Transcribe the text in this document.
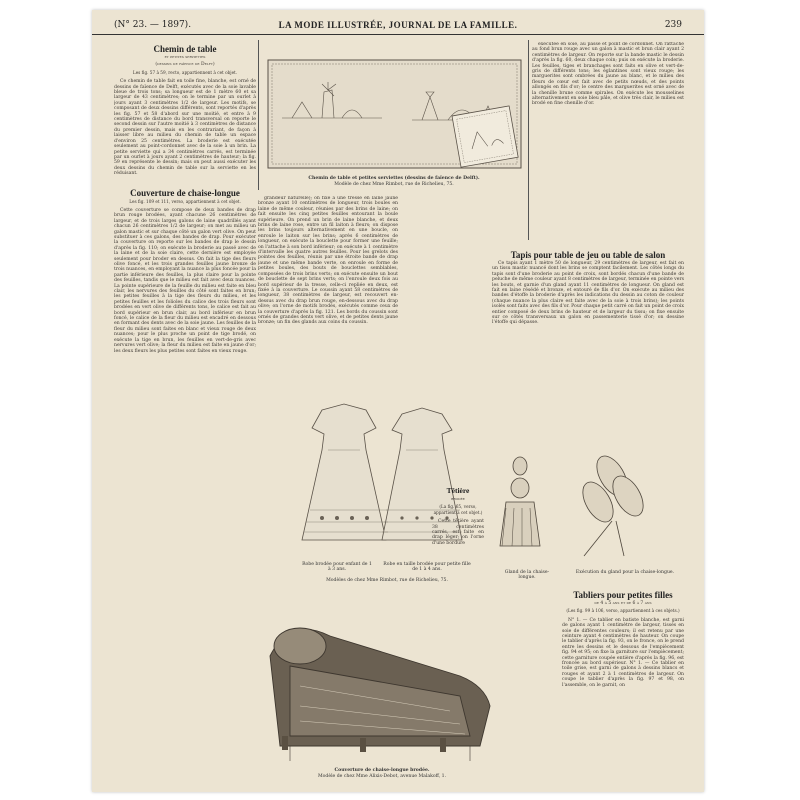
(N° 23. — 1897).	LA MODE ILLUSTRÉE, JOURNAL DE LA FAMILLE.	239
Chemin de table
et petites serviettes
(dessins de faïence de Delft)
Les fig. 57 à 59, recto, appartiennent à cet objet.

Ce chemin de table fait en toile fine, blanche, est orné de dessins de faïence de Delft, exécutés avec de la soie lavable bleue de trois tons; sa longueur est de 1 mètre 60 et sa largeur de 43 centimètres; on le termine par un ourlet à jours ayant 3 centimètres 1/2 de largeur. Les motifs, se composant de deux dessins différents, sont reportés d'après les fig. 57 et 58 d'abord sur une moitié, et entre à 9 centimètres de distance du bord transversal on reporte le second dessin sur l'autre moitié à 3 centimètres de distance du premier dessin, mais en les contrariant, de façon à laisser libre au milieu du chemin de table un espace d'environ 25 centimètres. La broderie est exécutée seulement au point-cordonnet avec de la soie à un brin. La petite serviette qui a 34 centimètres carrés, est terminée par un ourlet à jours ayant 2 centimètres de hauteur; la fig. 59 en représente le dessin; mais on peut aussi exécuter les deux dessins du chemin de table sur la serviette en les réduisant.

Couverture de chaise-longue
Les fig. 109 et 111, verso, appartiennent à cet objet.

Cette couverture se compose de deux bandes de drap brun rouge brodées, ayant chacune 26 centimètres de largeur, et de trois larges galons de laine quadrillés ayant chacun 26 centimètres 1/2 de largeur; on met au milieu un galon mastic et sur chaque côté un galon vert olive. On peut substituer à ces galons, des bandes de drap. Pour exécuter la couverture on reporte sur les bandes de drap le dessin d'après la fig. 110; on exécute la broderie au passé avec de la laine et de la soie claire, cette dernière est employée seulement pour broder en dessus. On fait la tige des fleurs olive foncé, et les trois grandes feuilles jaune bronze de trois nuances, en employant la nuance la plus foncée pour la partie inférieure des feuilles, la plus claire pour la pointe des feuilles, tandis que le milieu est fait avec deux nuances. La pointe supérieure de la feuille du milieu est faite en bleu clair, les nervures des feuilles du côté sont faites en brun; les petites feuilles à la tige des fleurs du milieu, et les petites feuilles et les folioles du calice des trois fleurs sont brodées en vert olive de différents tons, le calice est fait au bord supérieur en brun clair, au bord inférieur en brun foncé, le calice de la fleur du milieu est encadré en dessous en formant des dents avec de la soie jaune. Les feuilles de la fleur du milieu sont faites en blanc et vieux rouge de deux nuances; pour le plus proche un point de tige brodé, on exécute la tige en brun, les feuilles en vert-de-gris avec nervures vert olive; la fleur du milieu est faite en jaune d'or; les deux fleurs les plus petites sont faites en vieux rouge.

Chemin de table et petites serviettes (dessins de faïence de Delft).
Modèle de chez Mme Rimbot, rue de Richelieu, 75.

grandeur naturelle); on fixe à une tresse en laine jaune bronze ayant 10 centimètres de longueur, trois boules en laine de même couleur, réunies par des brins de laine; on fait ensuite les cinq petites feuilles entourant la boule supérieure. On prend un brin de laine blanche, et deux brins de laine rose, entre un fil laiton à fleurs; on dispose les brins toujours alternativement en une boucle, on enroule le laiton sur les brins; après 6 centimètres de longueur, on exécute la bouclette pour former une feuille; on l'attache à son bord inférieur; on exécute à 1 centimètre d'intervalle les quatre autres feuilles. Pour les grelots des pointes des feuilles, réunis par une étroite bande de drap jaune et une même bande verte, on enroule en forme de petites boules, des bouts de bouclettes semblables, composées de trois brins verts; on exécute ensuite un bout de bouclette de sept brins verts; on l'enroule deux fois au bord supérieur de la tresse, celle-ci repliée en deux, est fixée à la couverture. Le coussin ayant 58 centimètres de longueur, 38 centimètres de largeur, est recouvert en-dessus avec du drap brun rouge, en-dessous avec du drap olive; on l'orne de motifs brodés, exécutés comme ceux de la couverture d'après la fig. 121. Les bords du coussin sont ornés de grandes dents vert olive, et de petites dents jaune bronze; un fin des glands aux coins du coussin.

exécutée en soie, au passé et point de cordonnet. On rattache au fond brun rouge avec un galon à mastic et brun clair ayant 2 centimètres de largeur. On reporte sur la bande mastic le dessin d'après la fig. 60, deux chaque coin; puis on exécute la broderie. Les feuilles, tiges et branchages sont faits en olive et vert-de-gris de différents tons; les églantines sont vieux rouge; les marguerites sont ombrées du jaune au blanc, et le milieu des fleurs de cœur est fait avec de petits nœuds, et des points allongés en fils d'or; le centre des marguerites est orné avec de la chenille brune comme spirales. On exécute les mousselines alternativement en soie bleu pâle, et olive très clair, le milieu est brodé en fine chenille d'or.

Tapis pour table de jeu ou table de salon

Ce tapis ayant 1 mètre 50 de longueur, 29 centimètres de largeur, est fait en un tissu mastic nuancé dont les brins se comptent facilement. Les côtés longs du tapis sont d'une broderie au point de croix, sont bordés chacun d'une bande de peluche de même couleur ayant 8 centimètres de largeur, terminée en pointe vers les bouts, et garnie d'un gland ayant 11 centimètres de longueur. On gland est fait en laine résédé et bronze, et entouré de fils d'or. On exécute au milieu des bandes d'étoffe la broderie d'après les indications du dessin au coton de couleur (chaque nuance la plus claire est faite avec de la soie à trois brins); les points isolés sont faits avec des fils d'or. Pour chaque petit carré on fait un point de croix entier composé de deux brins de hauteur et de largeur du tissu; on fixe ensuite sur ce côtés transversaux un galon en passementerie tissé d'or; on dessine l'étoffe qui dépasse.

Robe brodée pour enfant de 1 à 3 ans.
Robe en taille brodée pour petite fille de 1 à 4 ans.
Modèles de chez Mme Rimbot, rue de Richelieu, 75.
Têtière
brodée
(La fig. 65, verso, appartient à cet objet.)

Cette têtière ayant 38 centimètres carrés, est faite en drap léger; on l'orne d'une bordure

Gland de la chaise-longue.
Exécution du gland pour la chaise-longue.
Couverture de chaise-longue brodée.
Modèle de chez Mme Alixis-Debot, avenue Malakoff, 1.
Tabliers pour petites filles
de 4 à 5 ans et de 6 à 7 ans
(Les fig. 99 à 106, verso, appartiennent à ces objets.)

N° 1. — Ce tablier en batiste blanche, est garni de galons ayant 1 centimètre de largeur, tissés en soie de différentes couleurs; il est retenu par une ceinture ayant 4 centimètres de hauteur. On coupe le tablier d'après la fig. 93, on le fronce, on le prend entre les dessins et le dessous de l'empiècement fig. 94 et 95; on fixe la garniture sur l'empiècement; cette garniture coupée entière d'après la fig. 96, est froncée au bord supérieur. N° 1. — Ce tablier en toile grise, est garni de galons à dessins blancs et rouges et ayant 2 à 1 centimètres de largeur. On coupe le tablier d'après la fig. 97 et 98, on l'assemble, on le garnit, on
